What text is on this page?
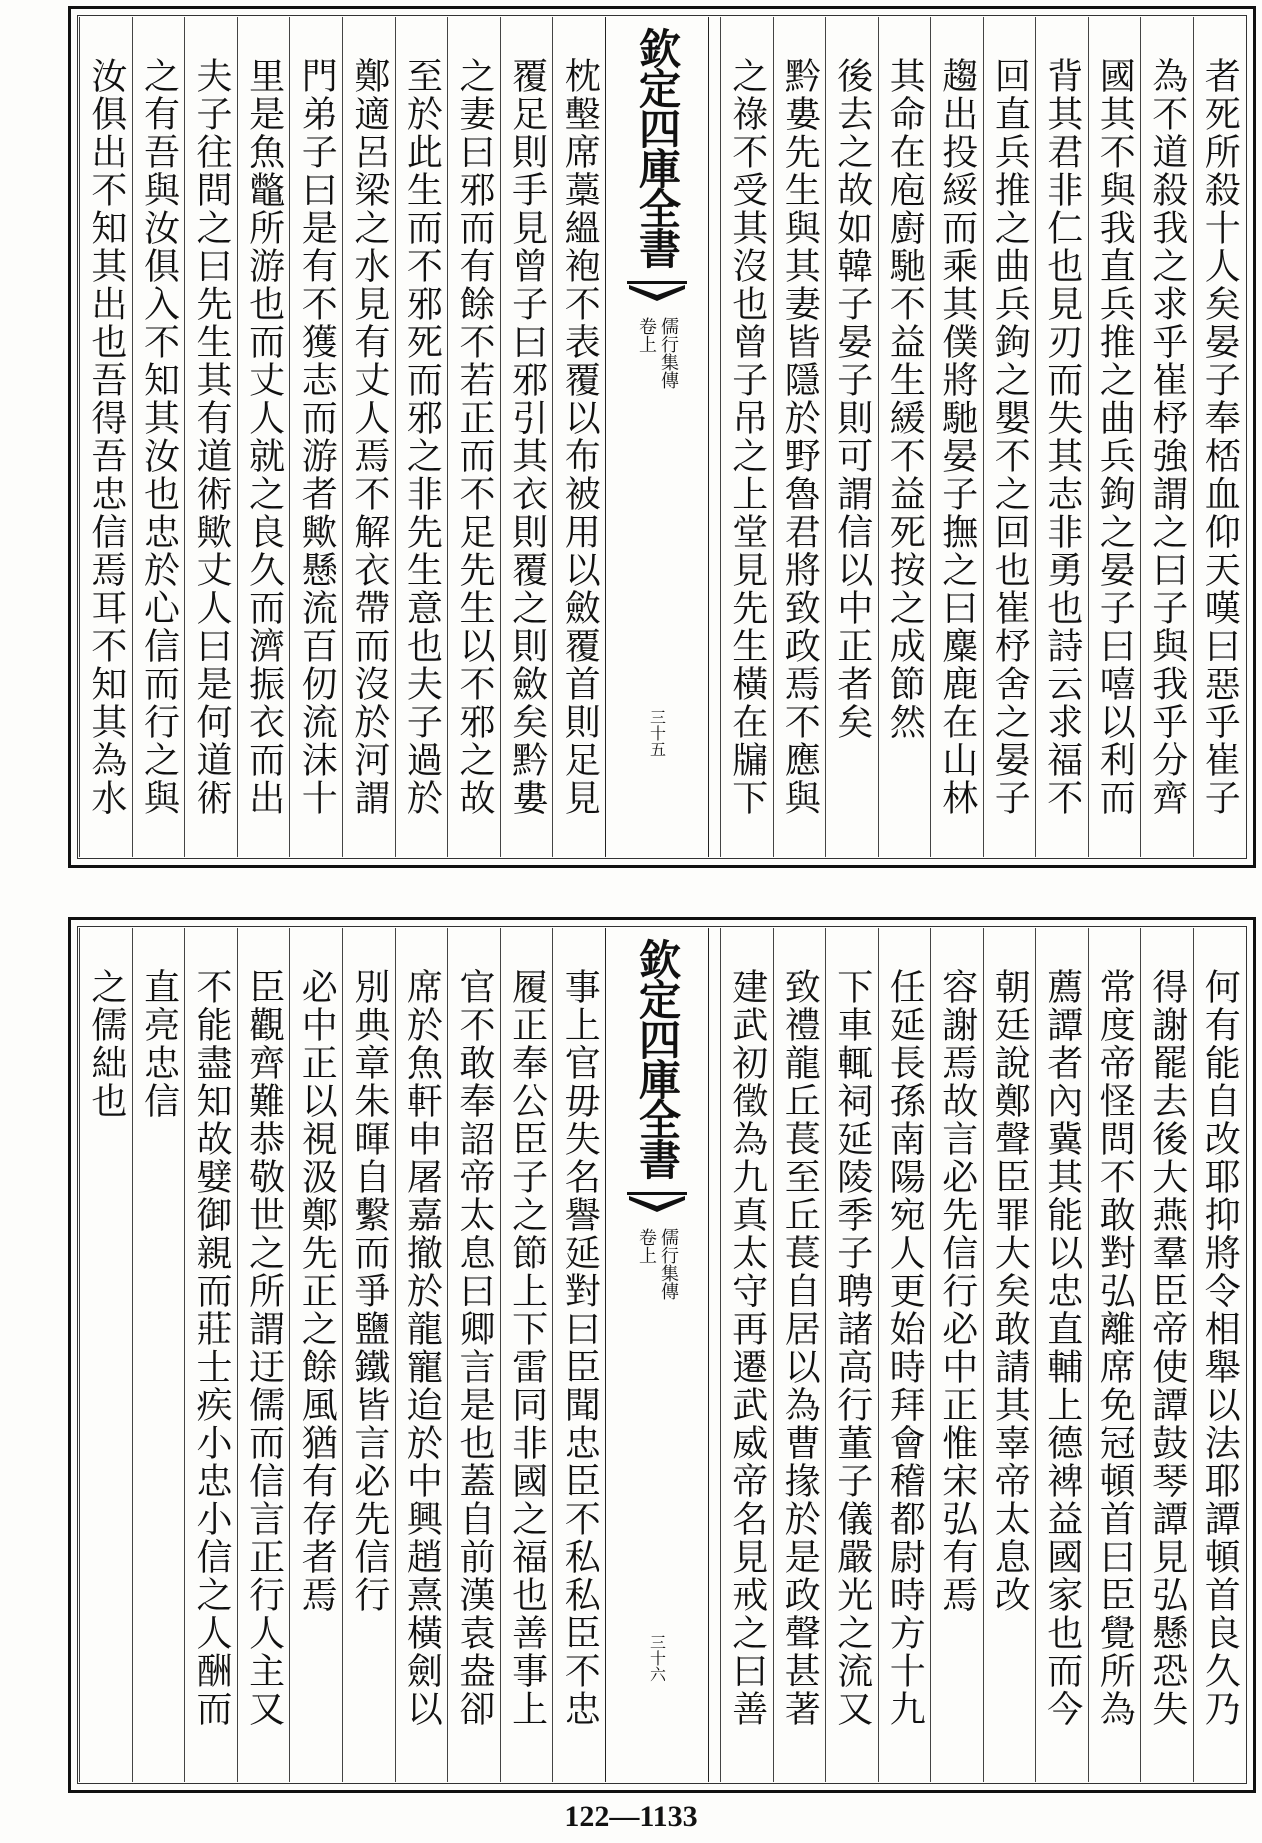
者死所殺十人矣晏子奉桮血仰天嘆曰惡乎崔子
為不道殺我之求乎崔杼強謂之曰子與我乎分齊
國其不與我直兵推之曲兵鉤之晏子曰嘻以利而
背其君非仁也見刃而失其志非勇也詩云求福不
回直兵推之曲兵鉤之嬰不之回也崔杼舍之晏子
趨出投綏而乘其僕將馳晏子撫之曰麋鹿在山林
其命在庖廚馳不益生緩不益死按之成節然
後去之故如韓子晏子則可謂信以中正者矣
黔婁先生與其妻皆隱於野魯君將致政焉不應與
之祿不受其沒也曾子吊之上堂見先生橫在牖下
欽定四庫全書
儒行集傳
卷上
三十五
枕墼席藁縕袍不表覆以布被用以斂覆首則足見
覆足則手見曾子曰邪引其衣則覆之則斂矣黔婁
之妻曰邪而有餘不若正而不足先生以不邪之故
至於此生而不邪死而邪之非先生意也夫子過於
鄭適呂梁之水見有丈人焉不解衣帶而沒於河謂
門弟子曰是有不獲志而游者歟懸流百仞流沫十
里是魚鼈所游也而丈人就之良久而濟振衣而出
夫子往問之曰先生其有道術歟丈人曰是何道術
之有吾與汝俱入不知其汝也忠於心信而行之與
汝俱出不知其出也吾得吾忠信焉耳不知其為水
何有能自改耶抑將令相舉以法耶譚頓首良久乃
得謝罷去後大燕羣臣帝使譚鼓琴譚見弘懸恐失
常度帝怪問不敢對弘離席免冠頓首曰臣覺所為
薦譚者內冀其能以忠直輔上德裨益國家也而今
朝廷說鄭聲臣罪大矣敢請其辜帝太息改
容謝焉故言必先信行必中正惟宋弘有焉
任延長孫南陽宛人更始時拜會稽都尉時方十九
下車輒祠延陵季子聘諸高行董子儀嚴光之流又
致禮龍丘萇至丘萇自居以為曹掾於是政聲甚著
建武初徵為九真太守再遷武威帝名見戒之曰善
欽定四庫全書
儒行集傳
卷上
三十六
事上官毋失名譽延對曰臣聞忠臣不私私臣不忠
履正奉公臣子之節上下雷同非國之福也善事上
官不敢奉詔帝太息曰卿言是也蓋自前漢袁盎卻
席於魚軒申屠嘉撤於龍寵迨於中興趙熹橫劍以
別典章朱暉自繫而爭鹽鐵皆言必先信行
必中正以視汲鄭先正之餘風猶有存者焉
臣觀齊難恭敬世之所謂迂儒而信言正行人主又
不能盡知故嬖御親而莊士疾小忠小信之人酬而
直亮忠信
之儒絀也
122—1133
